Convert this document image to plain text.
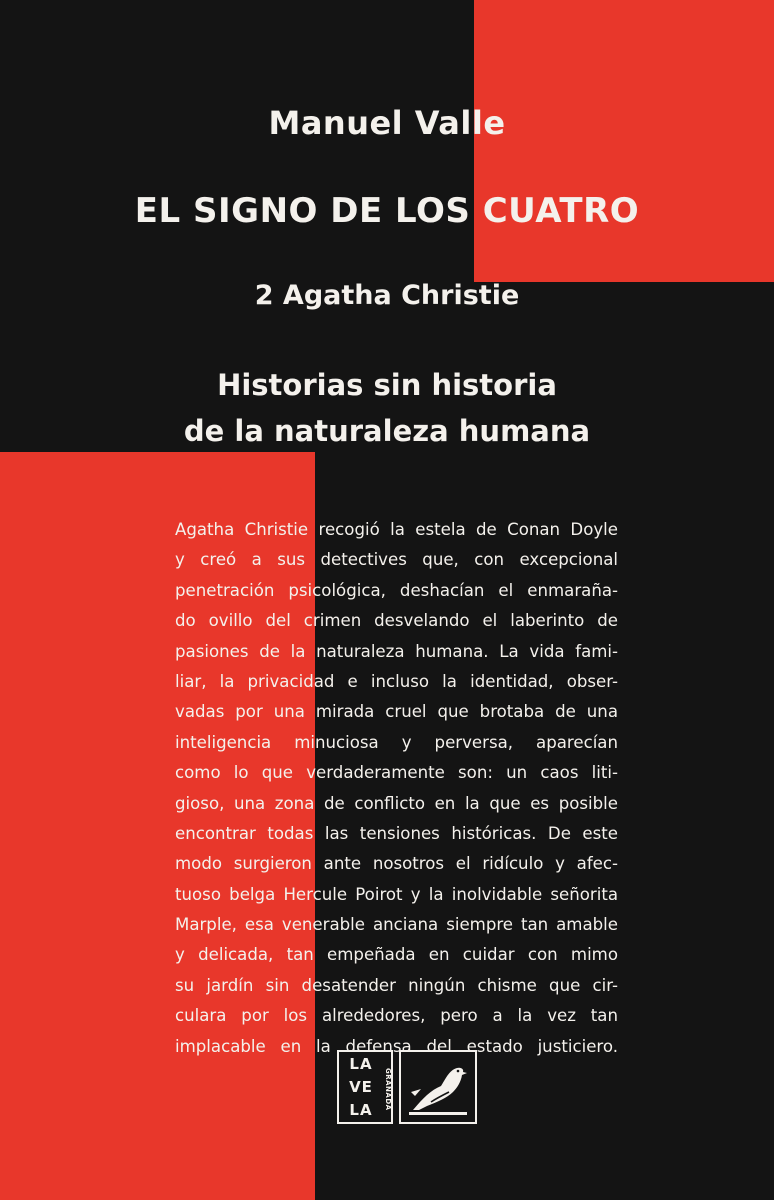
Manuel Valle
EL SIGNO DE LOS CUATRO
2 Agatha Christie
Historias sin historia
de la naturaleza humana
Agatha Christie recogió la estela de Conan Doyle
y creó a sus detectives que, con excepcional
penetración psicológica, deshacían el enmaraña-
do ovillo del crimen desvelando el laberinto de
pasiones de la naturaleza humana. La vida fami-
liar, la privacidad e incluso la identidad, obser-
vadas por una mirada cruel que brotaba de una
inteligencia minuciosa y perversa, aparecían
como lo que verdaderamente son: un caos liti-
gioso, una zona de conflicto en la que es posible
encontrar todas las tensiones históricas. De este
modo surgieron ante nosotros el ridículo y afec-
tuoso belga Hercule Poirot y la inolvidable señorita
Marple, esa venerable anciana siempre tan amable
y delicada, tan empeñada en cuidar con mimo
su jardín sin desatender ningún chisme que cir-
culara por los alrededores, pero a la vez tan
implacable en la defensa del estado justiciero.
LA
VE
LA	GRANADA
